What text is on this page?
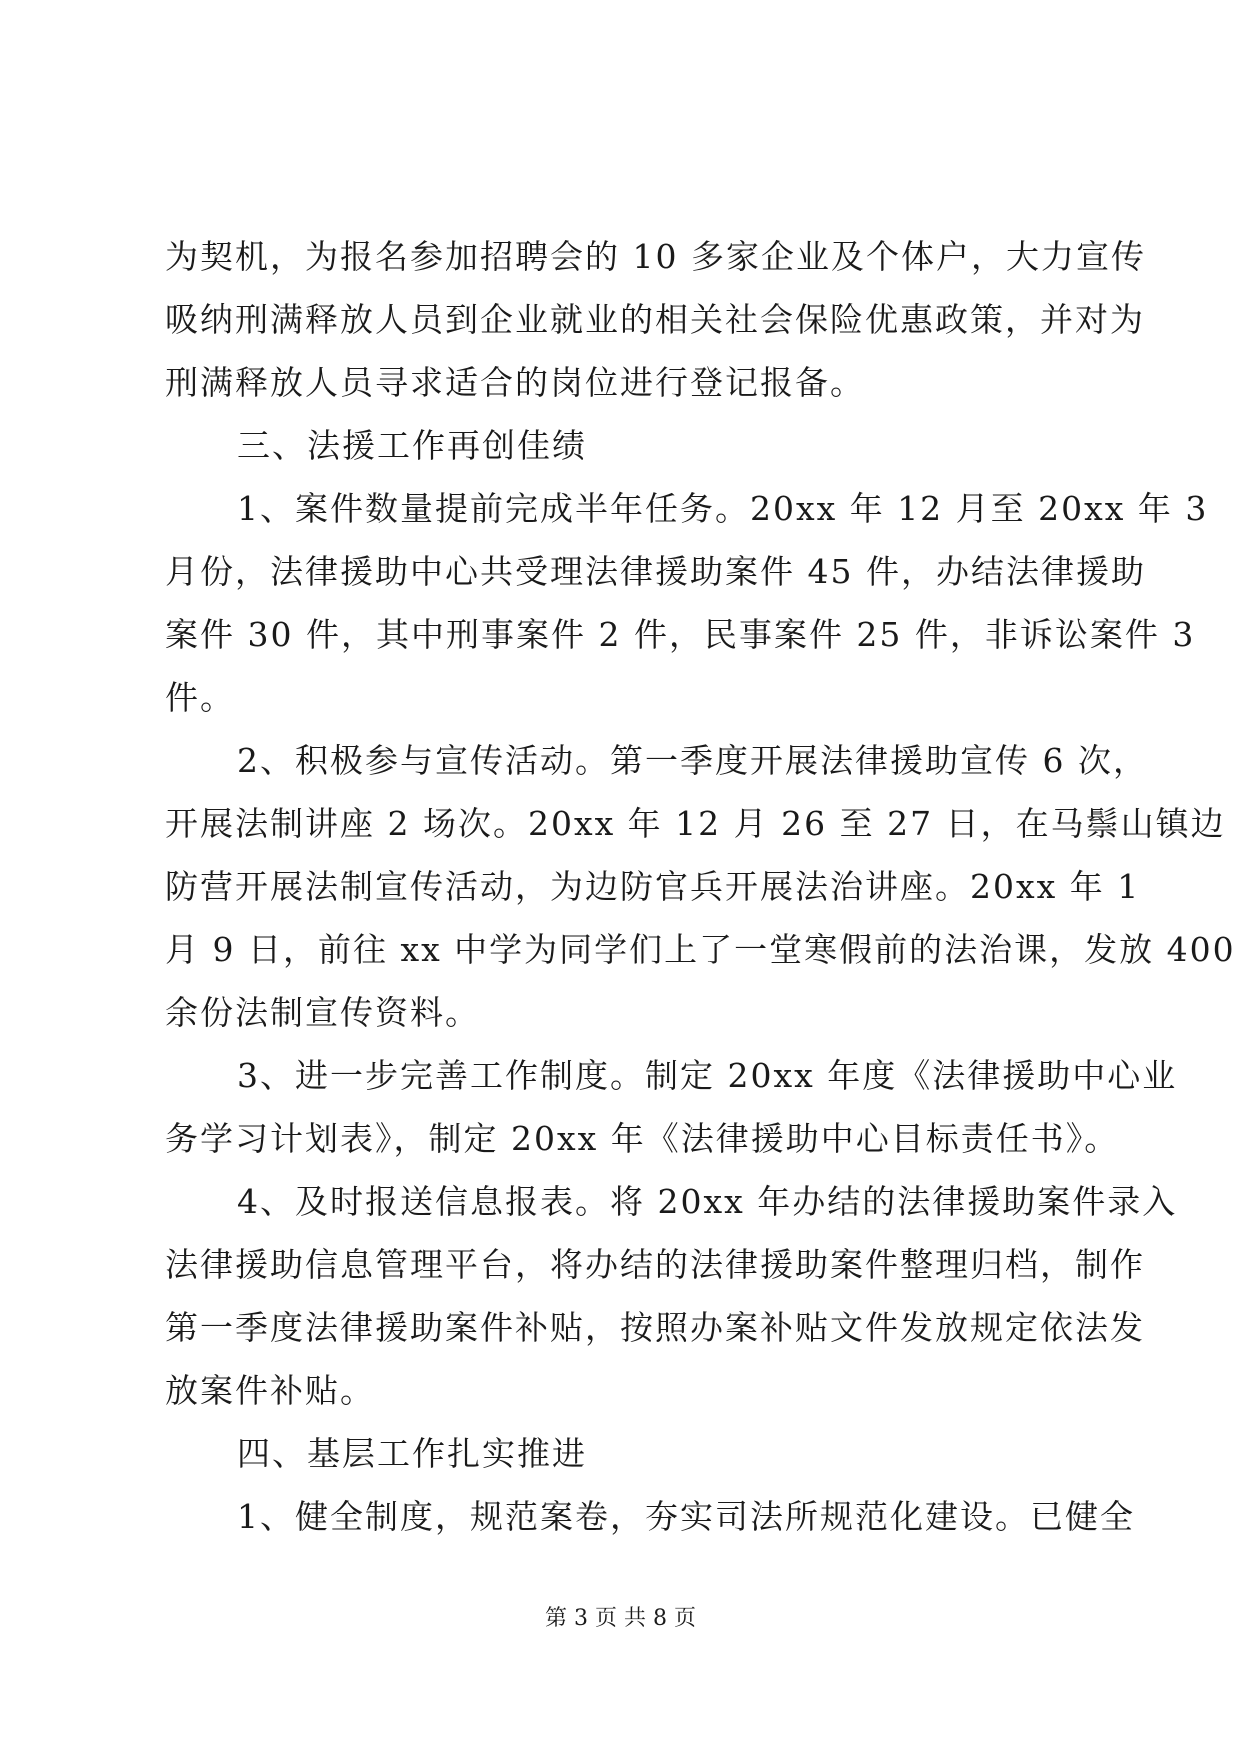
为契机，为报名参加招聘会的 10 多家企业及个体户，大力宣传
吸纳刑满释放人员到企业就业的相关社会保险优惠政策，并对为
刑满释放人员寻求适合的岗位进行登记报备。
三、法援工作再创佳绩
1、案件数量提前完成半年任务。20xx 年 12 月至 20xx 年 3
月份，法律援助中心共受理法律援助案件 45 件，办结法律援助
案件 30 件，其中刑事案件 2 件，民事案件 25 件，非诉讼案件 3
件。
2、积极参与宣传活动。第一季度开展法律援助宣传 6 次，
开展法制讲座 2 场次。20xx 年 12 月 26 至 27 日，在马鬃山镇边
防营开展法制宣传活动，为边防官兵开展法治讲座。20xx 年 1
月 9 日，前往 xx 中学为同学们上了一堂寒假前的法治课，发放 400
余份法制宣传资料。
3、进一步完善工作制度。制定 20xx 年度《法律援助中心业
务学习计划表》，制定 20xx 年《法律援助中心目标责任书》。
4、及时报送信息报表。将 20xx 年办结的法律援助案件录入
法律援助信息管理平台，将办结的法律援助案件整理归档，制作
第一季度法律援助案件补贴，按照办案补贴文件发放规定依法发
放案件补贴。
四、基层工作扎实推进
1、健全制度，规范案卷，夯实司法所规范化建设。已健全
第 3 页 共 8 页
